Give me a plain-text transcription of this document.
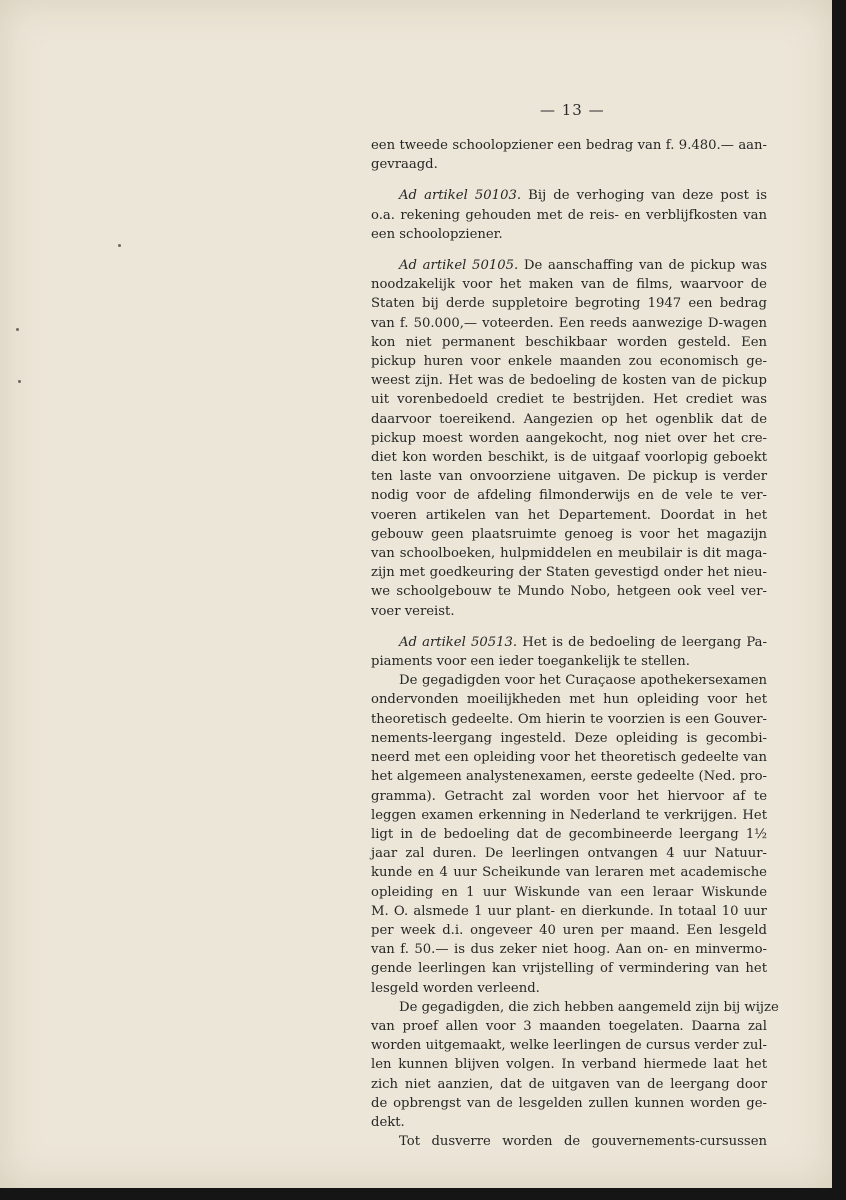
— 13 —

een tweede schoolopziener een bedrag van f. 9.480.— aan-
gevraagd.

Ad artikel 50103. Bij de verhoging van deze post is
o.a. rekening gehouden met de reis- en verblijfkosten van
een schoolopziener.

Ad artikel 50105. De aanschaffing van de pickup was
noodzakelijk voor het maken van de films, waarvoor de
Staten bij derde suppletoire begroting 1947 een bedrag
van f. 50.000,— voteerden. Een reeds aanwezige D-wagen
kon niet permanent beschikbaar worden gesteld. Een
pickup huren voor enkele maanden zou economisch ge-
weest zijn. Het was de bedoeling de kosten van de pickup
uit vorenbedoeld crediet te bestrijden. Het crediet was
daarvoor toereikend. Aangezien op het ogenblik dat de
pickup moest worden aangekocht, nog niet over het cre-
diet kon worden beschikt, is de uitgaaf voorlopig geboekt
ten laste van onvoorziene uitgaven. De pickup is verder
nodig voor de afdeling filmonderwijs en de vele te ver-
voeren artikelen van het Departement. Doordat in het
gebouw geen plaatsruimte genoeg is voor het magazijn
van schoolboeken, hulpmiddelen en meubilair is dit maga-
zijn met goedkeuring der Staten gevestigd onder het nieu-
we schoolgebouw te Mundo Nobo, hetgeen ook veel ver-
voer vereist.

Ad artikel 50513. Het is de bedoeling de leergang Pa-
piaments voor een ieder toegankelijk te stellen.

De gegadigden voor het Curaçaose apothekersexamen
ondervonden moeilijkheden met hun opleiding voor het
theoretisch gedeelte. Om hierin te voorzien is een Gouver-
nements-leergang ingesteld. Deze opleiding is gecombi-
neerd met een opleiding voor het theoretisch gedeelte van
het algemeen analystenexamen, eerste gedeelte (Ned. pro-
gramma). Getracht zal worden voor het hiervoor af te
leggen examen erkenning in Nederland te verkrijgen. Het
ligt in de bedoeling dat de gecombineerde leergang 1½
jaar zal duren. De leerlingen ontvangen 4 uur Natuur-
kunde en 4 uur Scheikunde van leraren met academische
opleiding en 1 uur Wiskunde van een leraar Wiskunde
M. O. alsmede 1 uur plant- en dierkunde. In totaal 10 uur
per week d.i. ongeveer 40 uren per maand. Een lesgeld
van f. 50.— is dus zeker niet hoog. Aan on- en minvermo-
gende leerlingen kan vrijstelling of vermindering van het
lesgeld worden verleend.

De gegadigden, die zich hebben aangemeld zijn bij wijze
van proef allen voor 3 maanden toegelaten. Daarna zal
worden uitgemaakt, welke leerlingen de cursus verder zul-
len kunnen blijven volgen. In verband hiermede laat het
zich niet aanzien, dat de uitgaven van de leergang door
de opbrengst van de lesgelden zullen kunnen worden ge-
dekt.

Tot dusverre worden de gouvernements-cursussen
